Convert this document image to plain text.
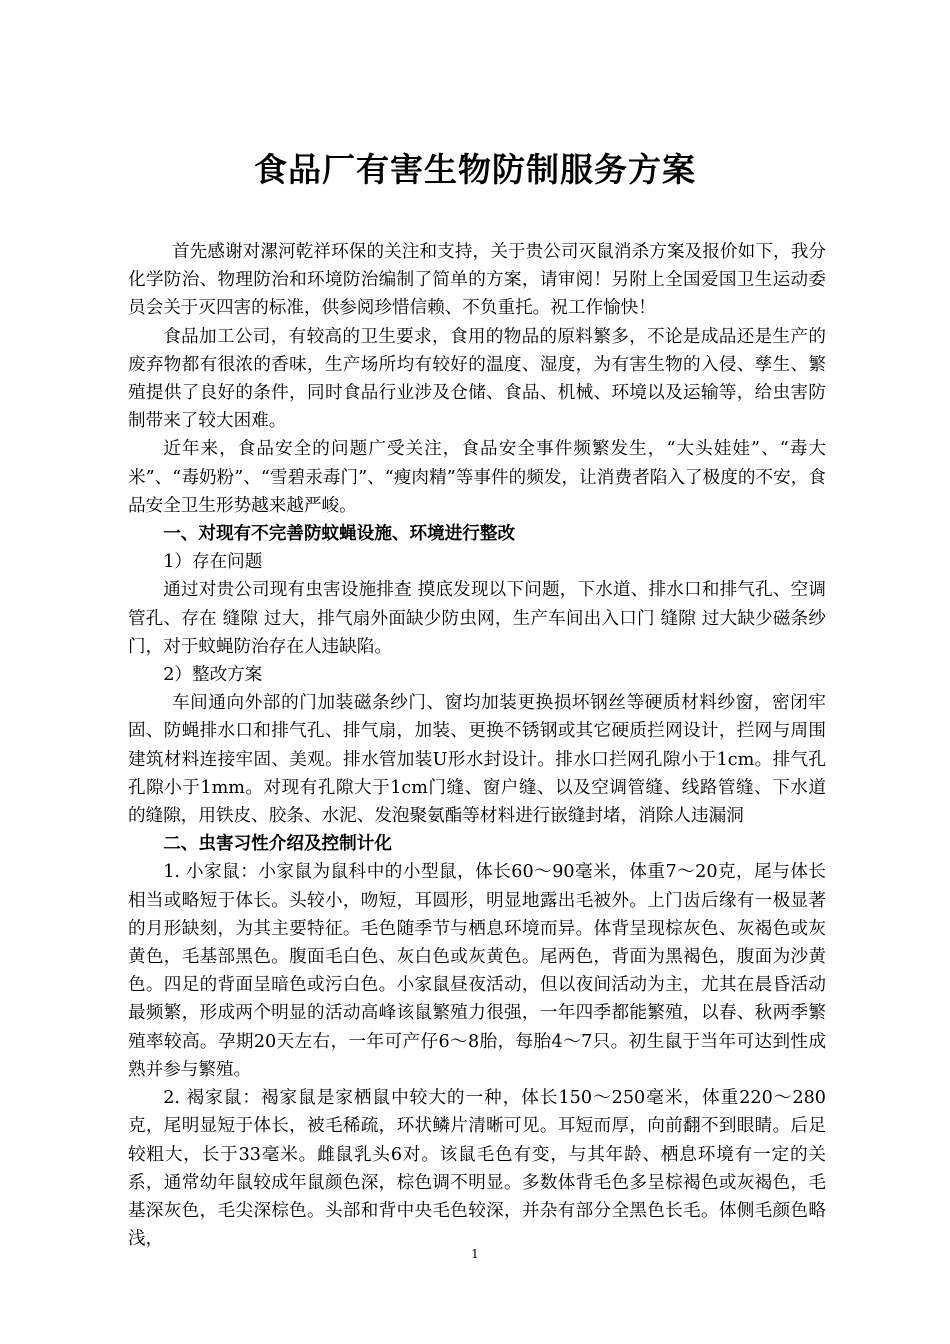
食品厂有害生物防制服务方案

首先感谢对漯河乾祥环保的关注和支持，关于贵公司灭鼠消杀方案及报价如下，我分化学防治、物理防治和环境防治编制了简单的方案，请审阅！另附上全国爱国卫生运动委员会关于灭四害的标准，供参阅珍惜信赖、不负重托。祝工作愉快！

食品加工公司，有较高的卫生要求，食用的物品的原料繁多，不论是成品还是生产的废弃物都有很浓的香味，生产场所均有较好的温度、湿度，为有害生物的入侵、孳生、繁殖提供了良好的条件，同时食品行业涉及仓储、食品、机械、环境以及运输等，给虫害防制带来了较大困难。

近年来，食品安全的问题广受关注，食品安全事件频繁发生，“大头娃娃”、“毒大米”、“毒奶粉”、“雪碧汞毒门”、“瘦肉精”等事件的频发，让消费者陷入了极度的不安，食品安全卫生形势越来越严峻。

一、对现有不完善防蚊蝇设施、环境进行整改

1）存在问题

通过对贵公司现有虫害设施排查 摸底发现以下问题，下水道、排水口和排气孔、空调管孔、存在 缝隙 过大，排气扇外面缺少防虫网，生产车间出入口门 缝隙 过大缺少磁条纱门，对于蚊蝇防治存在人违缺陷。

2）整改方案

车间通向外部的门加装磁条纱门、窗均加装更换损坏钢丝等硬质材料纱窗，密闭牢固、防蝇排水口和排气孔、排气扇，加装、更换不锈钢或其它硬质拦网设计，拦网与周围建筑材料连接牢固、美观。排水管加装U形水封设计。排水口拦网孔隙小于1cm。排气孔孔隙小于1mm。对现有孔隙大于1cm门缝、窗户缝、以及空调管缝、线路管缝、下水道的缝隙，用铁皮、胶条、水泥、发泡聚氨酯等材料进行嵌缝封堵，消除人违漏洞

二、虫害习性介绍及控制计化

1. 小家鼠：小家鼠为鼠科中的小型鼠，体长60～90毫米，体重7～20克，尾与体长相当或略短于体长。头较小，吻短，耳圆形，明显地露出毛被外。上门齿后缘有一极显著的月形缺刻，为其主要特征。毛色随季节与栖息环境而异。体背呈现棕灰色、灰褐色或灰黄色，毛基部黑色。腹面毛白色、灰白色或灰黄色。尾两色，背面为黑褐色，腹面为沙黄色。四足的背面呈暗色或污白色。小家鼠昼夜活动，但以夜间活动为主，尤其在晨昏活动最频繁，形成两个明显的活动高峰该鼠繁殖力很强，一年四季都能繁殖，以春、秋两季繁殖率较高。孕期20天左右，一年可产仔6～8胎，每胎4～7只。初生鼠于当年可达到性成熟并参与繁殖。

2. 褐家鼠：褐家鼠是家栖鼠中较大的一种，体长150～250毫米，体重220～280克，尾明显短于体长，被毛稀疏，环状鳞片清晰可见。耳短而厚，向前翻不到眼睛。后足较粗大，长于33毫米。雌鼠乳头6对。该鼠毛色有变，与其年龄、栖息环境有一定的关系，通常幼年鼠较成年鼠颜色深，棕色调不明显。多数体背毛色多呈棕褐色或灰褐色，毛基深灰色，毛尖深棕色。头部和背中央毛色较深，并杂有部分全黑色长毛。体侧毛颜色略浅，

1
